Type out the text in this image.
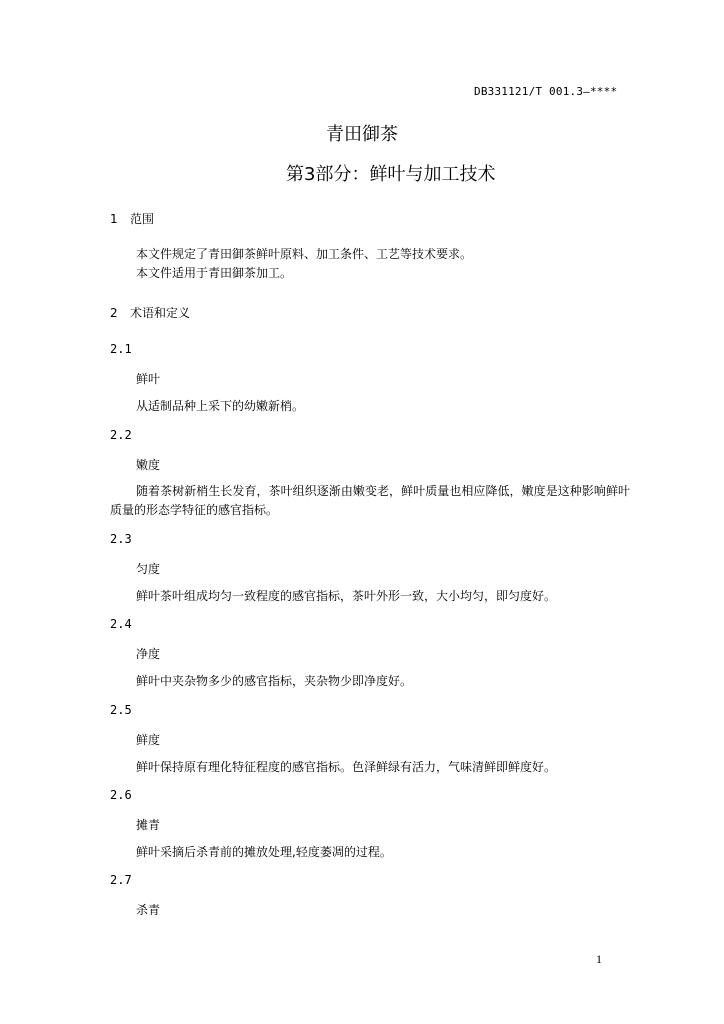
DB331121/T 001.3—****
青田御茶
第3部分：鲜叶与加工技术
1 范围
本文件规定了青田御茶鲜叶原料、加工条件、工艺等技术要求。
本文件适用于青田御茶加工。
2 术语和定义
2.1
鲜叶
从适制品种上采下的幼嫩新梢。
2.2
嫩度
随着茶树新梢生长发育，茶叶组织逐渐由嫩变老，鲜叶质量也相应降低，嫩度是这种影响鲜叶质量的形态学特征的感官指标。
2.3
匀度
鲜叶茶叶组成均匀一致程度的感官指标，茶叶外形一致，大小均匀，即匀度好。
2.4
净度
鲜叶中夹杂物多少的感官指标，夹杂物少即净度好。
2.5
鲜度
鲜叶保持原有理化特征程度的感官指标。色泽鲜绿有活力，气味清鲜即鲜度好。
2.6
摊青
鲜叶采摘后杀青前的摊放处理,轻度萎凋的过程。
2.7
杀青
1
